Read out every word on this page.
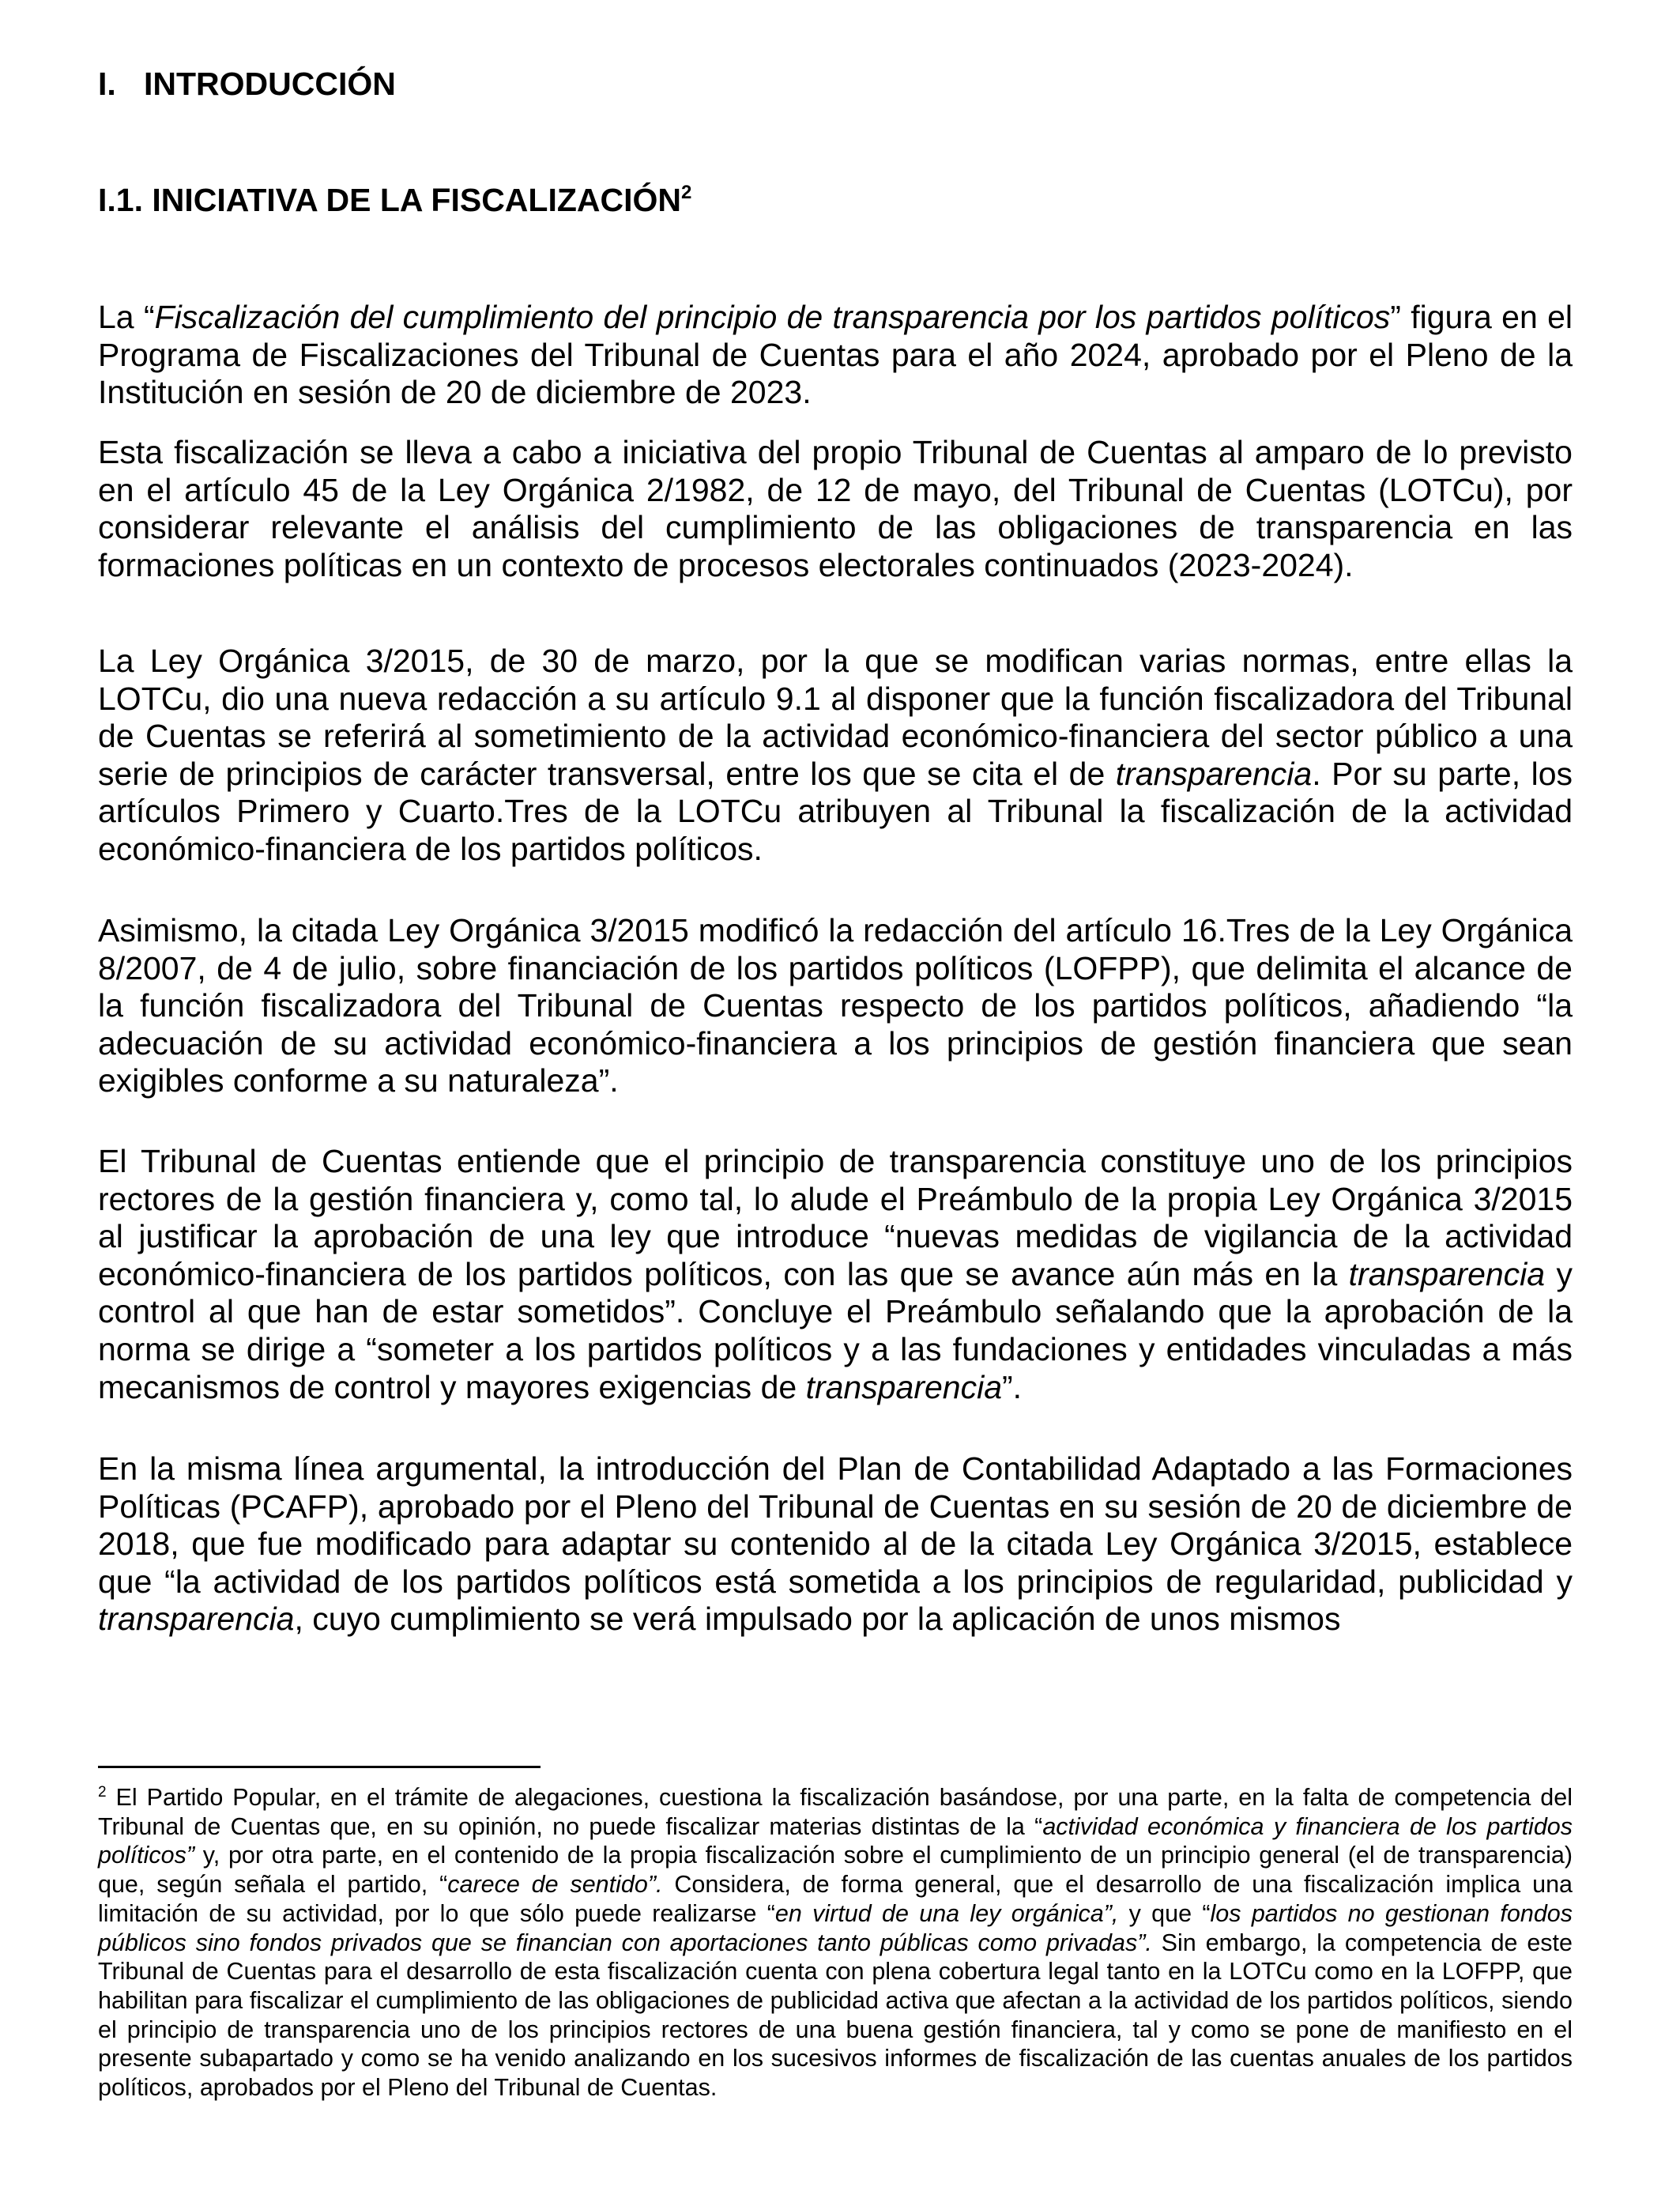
I. INTRODUCCIÓN
I.1. INICIATIVA DE LA FISCALIZACIÓN$^2$

La “Fiscalización del cumplimiento del principio de transparencia por los partidos políticos” figura en el Programa de Fiscalizaciones del Tribunal de Cuentas para el año 2024, aprobado por el Pleno de la Institución en sesión de 20 de diciembre de 2023.

Esta fiscalización se lleva a cabo a iniciativa del propio Tribunal de Cuentas al amparo de lo previsto en el artículo 45 de la Ley Orgánica 2/1982, de 12 de mayo, del Tribunal de Cuentas (LOTCu), por considerar relevante el análisis del cumplimiento de las obligaciones de transparencia en las formaciones políticas en un contexto de procesos electorales continuados (2023-2024).

La Ley Orgánica 3/2015, de 30 de marzo, por la que se modifican varias normas, entre ellas la LOTCu, dio una nueva redacción a su artículo 9.1 al disponer que la función fiscalizadora del Tribunal de Cuentas se referirá al sometimiento de la actividad económico-financiera del sector público a una serie de principios de carácter transversal, entre los que se cita el de transparencia. Por su parte, los artículos Primero y Cuarto.Tres de la LOTCu atribuyen al Tribunal la fiscalización de la actividad económico-financiera de los partidos políticos.

Asimismo, la citada Ley Orgánica 3/2015 modificó la redacción del artículo 16.Tres de la Ley Orgánica 8/2007, de 4 de julio, sobre financiación de los partidos políticos (LOFPP), que delimita el alcance de la función fiscalizadora del Tribunal de Cuentas respecto de los partidos políticos, añadiendo “la adecuación de su actividad económico-financiera a los principios de gestión financiera que sean exigibles conforme a su naturaleza”.

El Tribunal de Cuentas entiende que el principio de transparencia constituye uno de los principios rectores de la gestión financiera y, como tal, lo alude el Preámbulo de la propia Ley Orgánica 3/2015 al justificar la aprobación de una ley que introduce “nuevas medidas de vigilancia de la actividad económico-financiera de los partidos políticos, con las que se avance aún más en la transparencia y control al que han de estar sometidos”. Concluye el Preámbulo señalando que la aprobación de la norma se dirige a “someter a los partidos políticos y a las fundaciones y entidades vinculadas a más mecanismos de control y mayores exigencias de transparencia”.

En la misma línea argumental, la introducción del Plan de Contabilidad Adaptado a las Formaciones Políticas (PCAFP), aprobado por el Pleno del Tribunal de Cuentas en su sesión de 20 de diciembre de 2018, que fue modificado para adaptar su contenido al de la citada Ley Orgánica 3/2015, establece que “la actividad de los partidos políticos está sometida a los principios de regularidad, publicidad y transparencia, cuyo cumplimiento se verá impulsado por la aplicación de unos mismos

$^2$ El Partido Popular, en el trámite de alegaciones, cuestiona la fiscalización basándose, por una parte, en la falta de competencia del Tribunal de Cuentas que, en su opinión, no puede fiscalizar materias distintas de la “actividad económica y financiera de los partidos políticos” y, por otra parte, en el contenido de la propia fiscalización sobre el cumplimiento de un principio general (el de transparencia) que, según señala el partido, “carece de sentido”. Considera, de forma general, que el desarrollo de una fiscalización implica una limitación de su actividad, por lo que sólo puede realizarse “en virtud de una ley orgánica”, y que “los partidos no gestionan fondos públicos sino fondos privados que se financian con aportaciones tanto públicas como privadas”. Sin embargo, la competencia de este Tribunal de Cuentas para el desarrollo de esta fiscalización cuenta con plena cobertura legal tanto en la LOTCu como en la LOFPP, que habilitan para fiscalizar el cumplimiento de las obligaciones de publicidad activa que afectan a la actividad de los partidos políticos, siendo el principio de transparencia uno de los principios rectores de una buena gestión financiera, tal y como se pone de manifiesto en el presente subapartado y como se ha venido analizando en los sucesivos informes de fiscalización de las cuentas anuales de los partidos políticos, aprobados por el Pleno del Tribunal de Cuentas.
